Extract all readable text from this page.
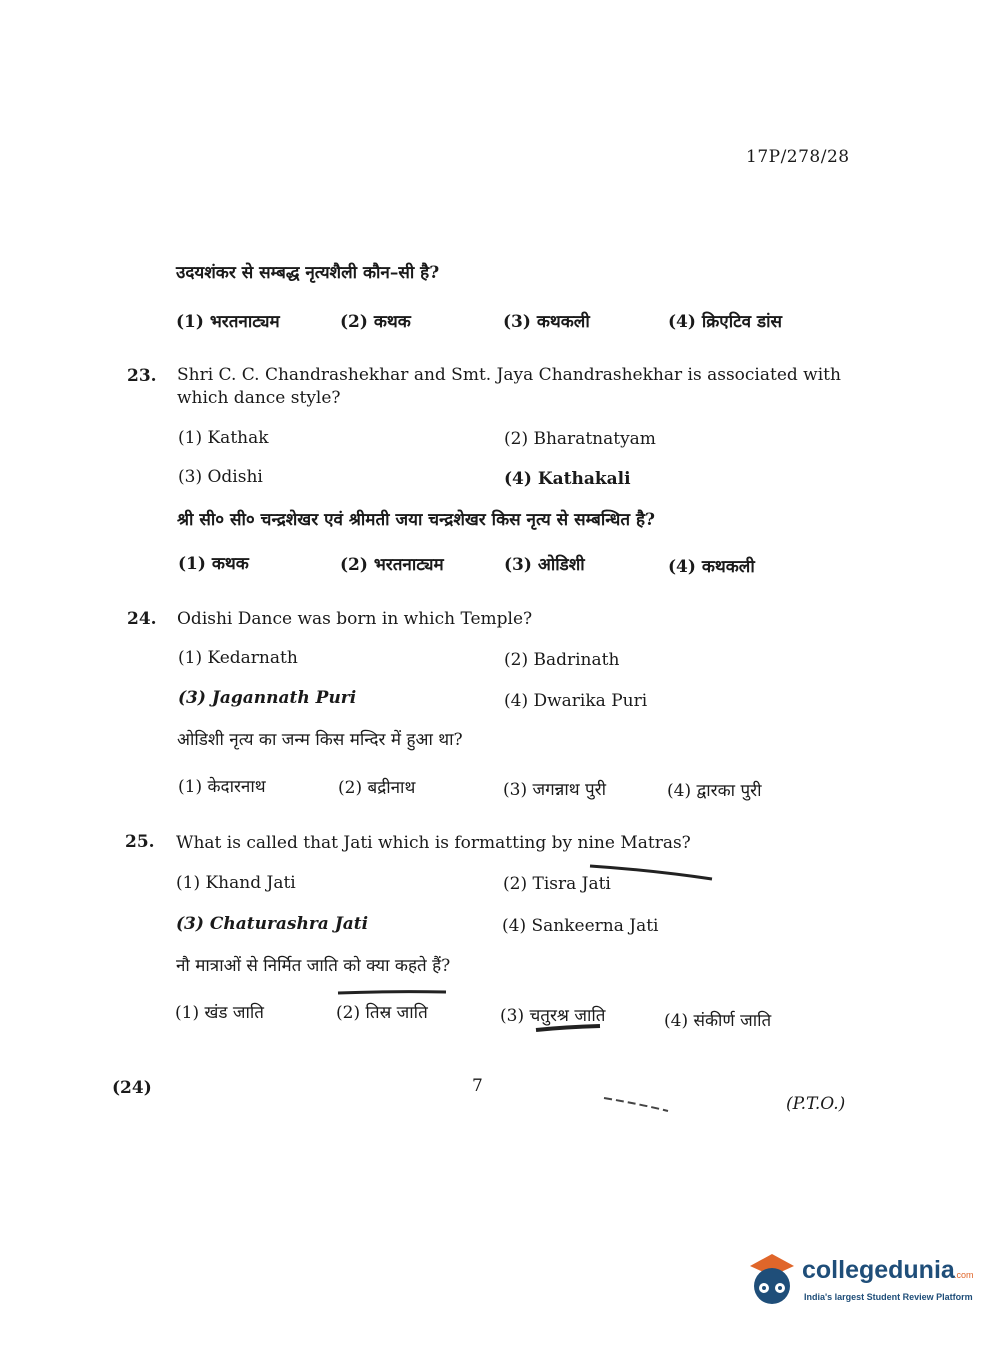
17P/278/28
उदयशंकर से सम्बद्ध नृत्यशैली कौन–सी है?
(1) भरतनाट्यम	(2) कथक	(3) कथकली	(4) क्रिएटिव डांस
23. Shri C. C. Chandrashekhar and Smt. Jaya Chandrashekhar is associated with
which dance style?
(1) Kathak	(2) Bharatnatyam
(3) Odishi	(4) Kathakali
श्री सी० सी० चन्द्रशेखर एवं श्रीमती जया चन्द्रशेखर किस नृत्य से सम्बन्धित है?
(1) कथक	(2) भरतनाट्यम	(3) ओडिशी	(4) कथकली
24. Odishi Dance was born in which Temple?
(1) Kedarnath	(2) Badrinath
(3) Jagannath Puri	(4) Dwarika Puri
ओडिशी नृत्य का जन्म किस मन्दिर में हुआ था?
(1) केदारनाथ	(2) बद्रीनाथ	(3) जगन्नाथ पुरी	(4) द्वारका पुरी
25. What is called that Jati which is formatting by nine Matras?
(1) Khand Jati	(2) Tisra Jati
(3) Chaturashra Jati	(4) Sankeerna Jati
नौ मात्राओं से निर्मित जाति को क्या कहते हैं?
(1) खंड जाति	(2) तिस्र जाति	(3) चतुरश्र जाति	(4) संकीर्ण जाति
(24)	7
(P.T.O.)
collegedunia .com
India's largest Student Review Platform
